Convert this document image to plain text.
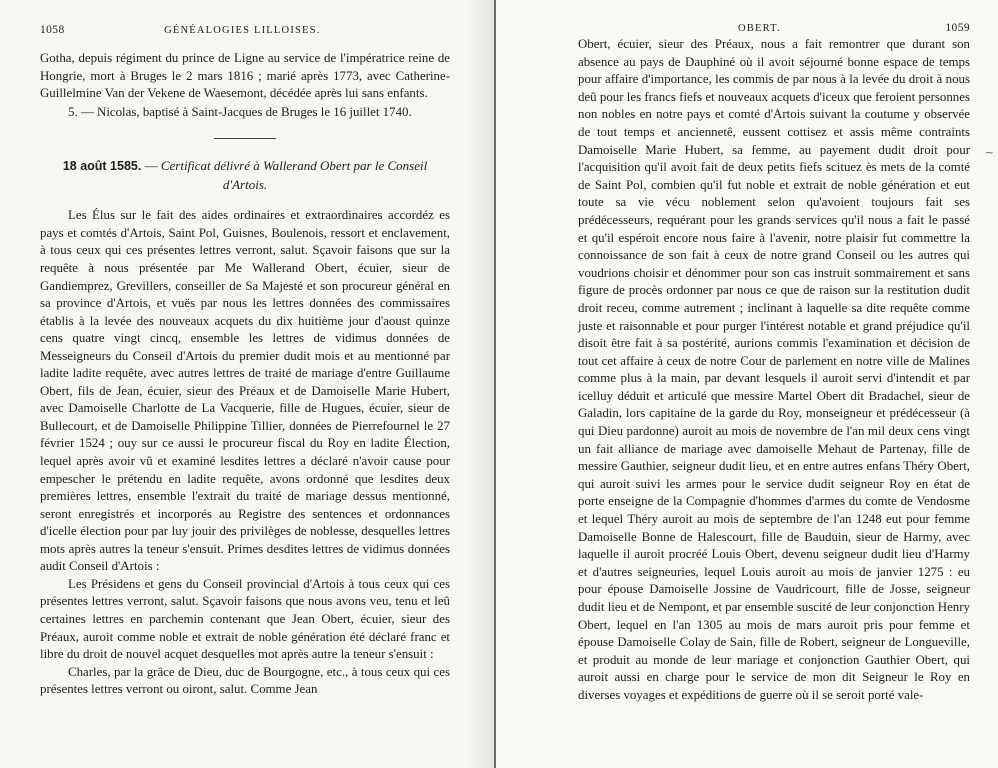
1058	GÉNÉALOGIES LILLOISES.

Gotha, depuis régiment du prince de Ligne au service de l'impératrice reine de Hongrie, mort à Bruges le 2 mars 1816 ; marié après 1773, avec Catherine-Guillelmine Van der Vekene de Waesemont, décédée après lui sans enfants.

5. — Nicolas, baptisé à Saint-Jacques de Bruges le 16 juillet 1740.

18 août 1585. — Certificat délivré à Wallerand Obert par le Conseil d'Artois.

Les Élus sur le fait des aides ordinaires et extraordinaires accordéz es pays et comtés d'Artois, Saint Pol, Guisnes, Boulenois, ressort et enclavement, à tous ceux qui ces présentes lettres verront, salut. Sçavoir faisons que sur la requête à nous présentée par Me Wallerand Obert, écuier, sieur de Gandiemprez, Grevillers, conseiller de Sa Majesté et son procureur général en sa province d'Artois, et vuës par nous les lettres données des commissaires établis à la levée des nouveaux acquets du dix huitième jour d'aoust quinze cens quatre vingt cincq, ensemble les lettres de vidimus données de Messeigneurs du Conseil d'Artois du premier dudit mois et au mentionné par ladite ladite requête, avec autres lettres de traité de mariage d'entre Guillaume Obert, fils de Jean, écuier, sieur des Préaux et de Damoiselle Marie Hubert, avec Damoiselle Charlotte de La Vacquerie, fille de Hugues, écuier, sieur de Bullecourt, et de Damoiselle Philippine Tillier, données de Pierrefournel le 27 février 1524 ; ouy sur ce aussi le procureur fiscal du Roy en ladite Élection, lequel après avoir vû et examiné lesdites lettres a déclaré n'avoir cause pour empescher le prétendu en ladite requête, avons ordonné que lesdites deux premières lettres, ensemble l'extrait du traité de mariage dessus mentionné, seront enregistrés et incorporés au Registre des sentences et ordonnances d'icelle élection pour par luy jouir des privilèges de noblesse, desquelles lettres mots après autres la teneur s'ensuit. Primes desdites lettres de vidimus données audit Conseil d'Artois :

Les Présidens et gens du Conseil provincial d'Artois à tous ceux qui ces présentes lettres verront, salut. Sçavoir faisons que nous avons veu, tenu et leû certaines lettres en parchemin contenant que Jean Obert, écuier, sieur des Préaux, auroit comme noble et extrait de noble génération été déclaré franc et libre du droit de nouvel acquet desquelles mot après autre la teneur s'ensuit :

Charles, par la grâce de Dieu, duc de Bourgogne, etc., à tous ceux qui ces présentes lettres verront ou oiront, salut. Comme Jean

OBERT.	1059

Obert, écuier, sieur des Préaux, nous a fait remontrer que durant son absence au pays de Dauphiné où il avoit séjourné bonne espace de temps pour affaire d'importance, les commis de par nous à la levée du droit à nous deû pour les francs fiefs et nouveaux acquets d'iceux que feroient personnes non nobles en notre pays et comté d'Artois suivant la coutume y observée de tout temps et anciennetê, eussent cottisez et assis même contraints Damoiselle Marie Hubert, sa femme, au payement dudit droit pour l'acquisition qu'il avoit fait de deux petits fiefs scituez ès mets de la comté de Saint Pol, combien qu'il fut noble et extrait de noble génération et eut toute sa vie vécu noblement selon qu'avoient toujours fait ses prédécesseurs, requérant pour les grands services qu'il nous a fait le passé et qu'il espéroit encore nous faire à l'avenir, notre plaisir fut commettre la connoissance de son fait à ceux de notre grand Conseil ou les autres qui voudrions choisir et dénommer pour son cas instruit sommairement et sans figure de procès ordonner par nous ce que de raison sur la restitution dudit droit receu, comme autrement ; inclinant à laquelle sa dite requête comme juste et raisonnable et pour purger l'intérest notable et grand préjudice qu'il disoit être fait à sa postérité, aurions commis l'examination et décision de tout cet affaire à ceux de notre Cour de parlement en notre ville de Malines comme plus à la main, par devant lesquels il auroit servi d'intendit et par icelluy déduit et articulé que messire Martel Obert dit Bradachel, sieur de Galadin, lors capitaine de la garde du Roy, monseigneur et prédécesseur (à qui Dieu pardonne) auroit au mois de novembre de l'an mil deux cens vingt un fait alliance de mariage avec damoiselle Mehaut de Partenay, fille de messire Gauthier, seigneur dudit lieu, et en entre autres enfans Théry Obert, qui auroit suivi les armes pour le service dudit seigneur Roy en état de porte enseigne de la Compagnie d'hommes d'armes du comte de Vendosme et lequel Théry auroit au mois de septembre de l'an 1248 eut pour femme Damoiselle Bonne de Halescourt, fille de Bauduin, sieur de Harmy, avec laquelle il auroit procréé Louis Obert, devenu seigneur dudit lieu d'Harmy et d'autres seigneuries, lequel Louis auroit au mois de janvier 1275 : eu pour épouse Damoiselle Jossine de Vaudricourt, fille de Josse, seigneur dudit lieu et de Nempont, et par ensemble suscité de leur conjonction Henry Obert, lequel en l'an 1305 au mois de mars auroit pris pour femme et épouse Damoiselle Colay de Sain, fille de Robert, seigneur de Longueville, et produit au monde de leur mariage et conjonction Gauthier Obert, qui auroit aussi en charge pour le service de mon dit Seigneur le Roy en diverses voyages et expéditions de guerre où il se seroit porté vale-

~
